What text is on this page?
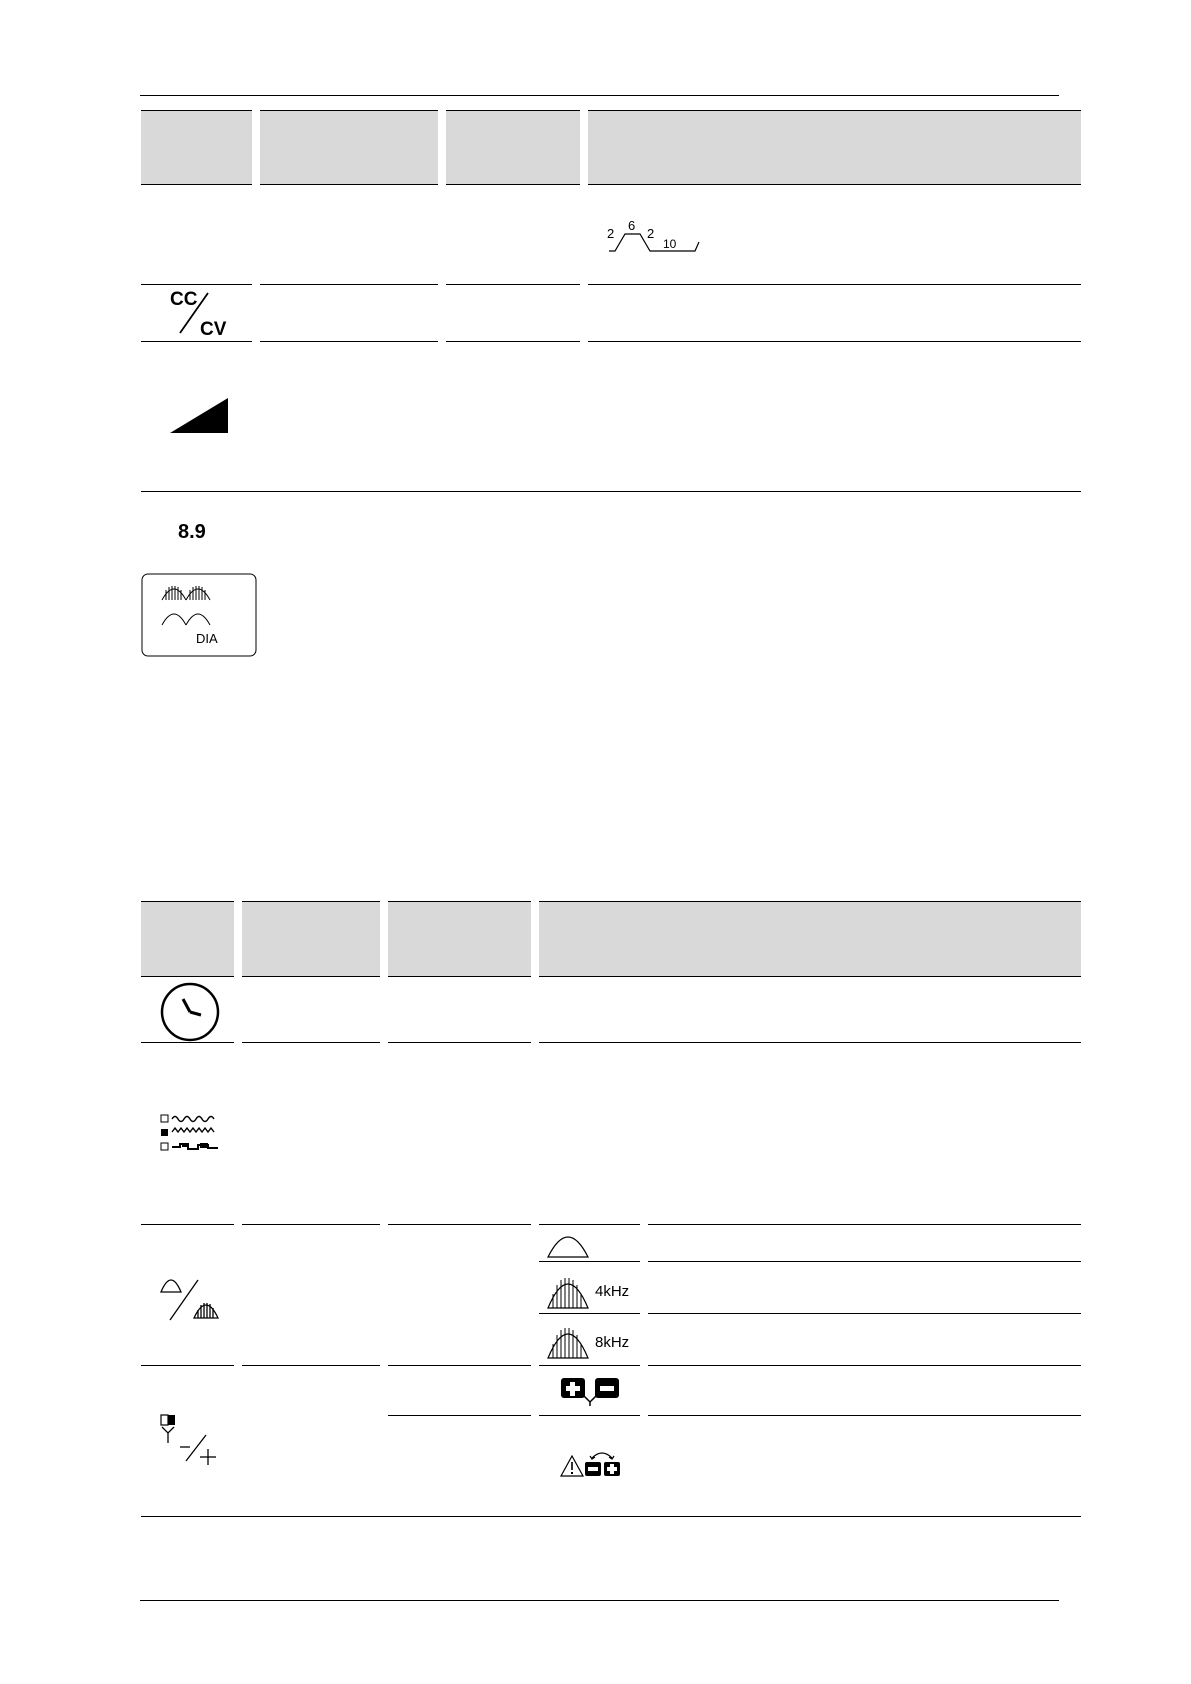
2
6
2
10
CC
CV
8.9
DIA
4kHz
8kHz
